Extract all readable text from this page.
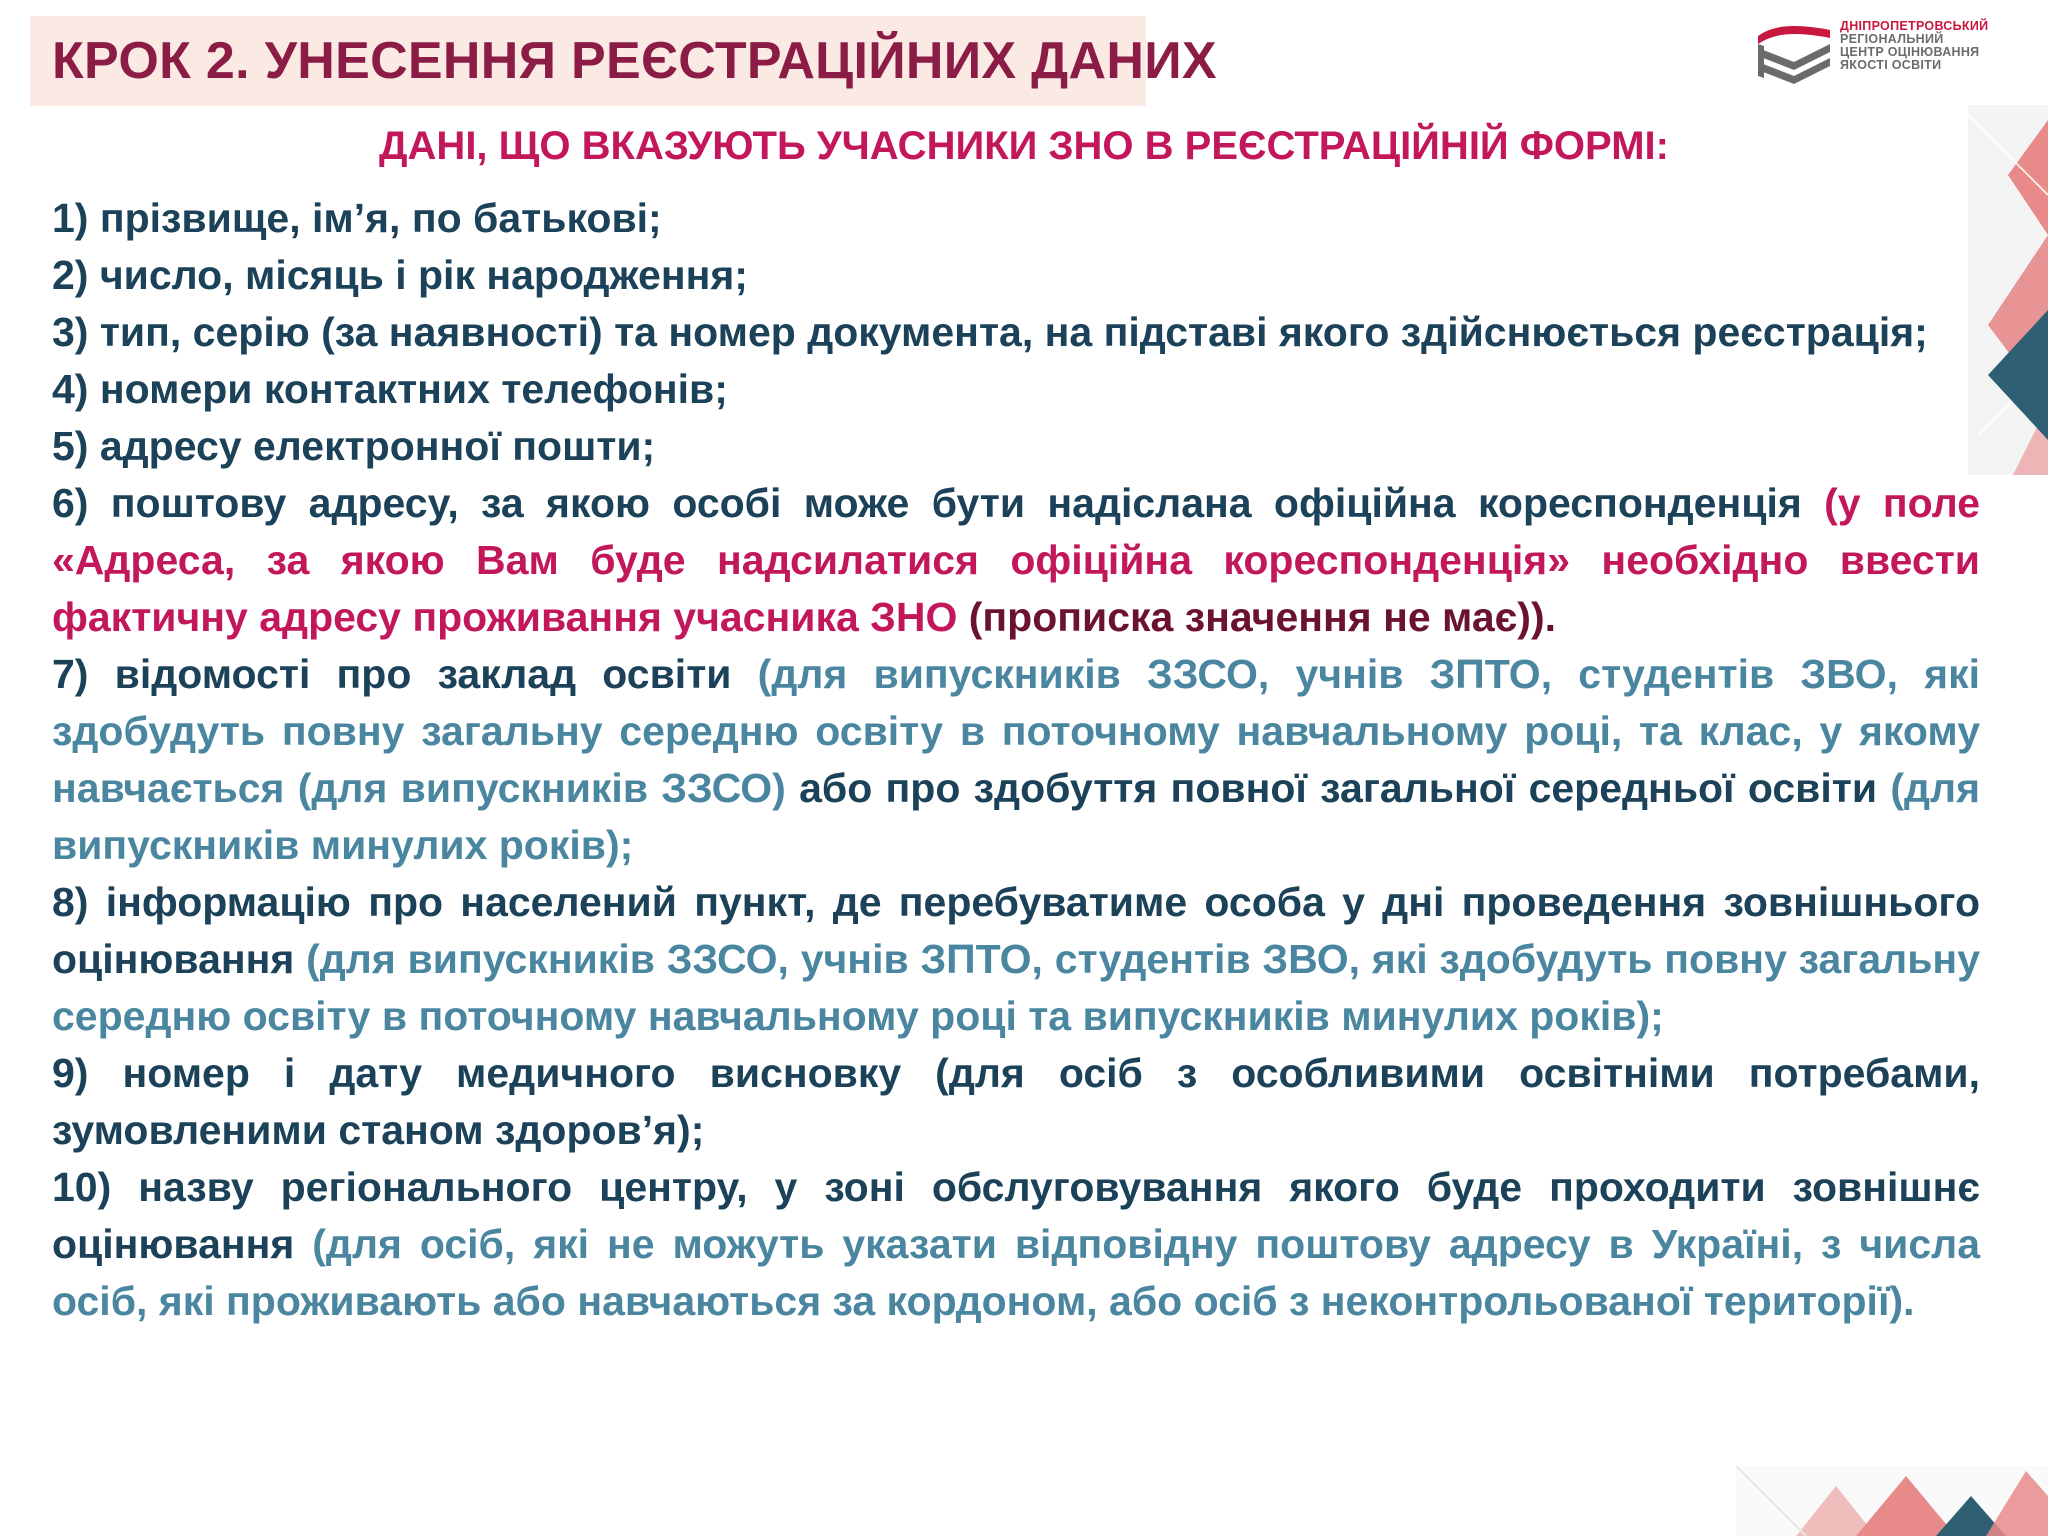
КРОК 2. УНЕСЕННЯ РЕЄСТРАЦІЙНИХ ДАНИХ
ДНІПРОПЕТРОВСЬКИЙ
РЕГІОНАЛЬНИЙ
ЦЕНТР ОЦІНЮВАННЯ
ЯКОСТІ ОСВІТИ
ДАНІ, ЩО ВКАЗУЮТЬ УЧАСНИКИ ЗНО В РЕЄСТРАЦІЙНІЙ ФОРМІ:

1) прізвище, ім’я, по батькові;

2) число, місяць і рік народження;

3) тип, серію (за наявності) та номер документа, на підставі якого здійснюється реєстрація;

4) номери контактних телефонів;

5) адресу електронної пошти;

6) поштову адресу, за якою особі може бути надіслана офіційна кореспонденція (у поле «Адреса, за якою Вам буде надсилатися офіційна кореспонденція» необхідно ввести фактичну адресу проживання учасника ЗНО (прописка значення не має)).

7) відомості про заклад освіти (для випускників ЗЗСО, учнів ЗПТО, студентів ЗВО, які здобудуть повну загальну середню освіту в поточному навчальному році, та клас, у якому навчається (для випускників ЗЗСО) або про здобуття повної загальної середньої освіти (для випускників минулих років);

8) інформацію про населений пункт, де перебуватиме особа у дні проведення зовнішнього оцінювання (для випускників ЗЗСО, учнів ЗПТО, студентів ЗВО, які здобудуть повну загальну середню освіту в поточному навчальному році та випускників минулих років);

9) номер і дату медичного висновку (для осіб з особливими освітніми потребами, зумовленими станом здоров’я);

10) назву регіонального центру, у зоні обслуговування якого буде проходити зовнішнє оцінювання (для осіб, які не можуть указати відповідну поштову адресу в Україні, з числа осіб, які проживають або навчаються за кордоном, або осіб з неконтрольованої території).
